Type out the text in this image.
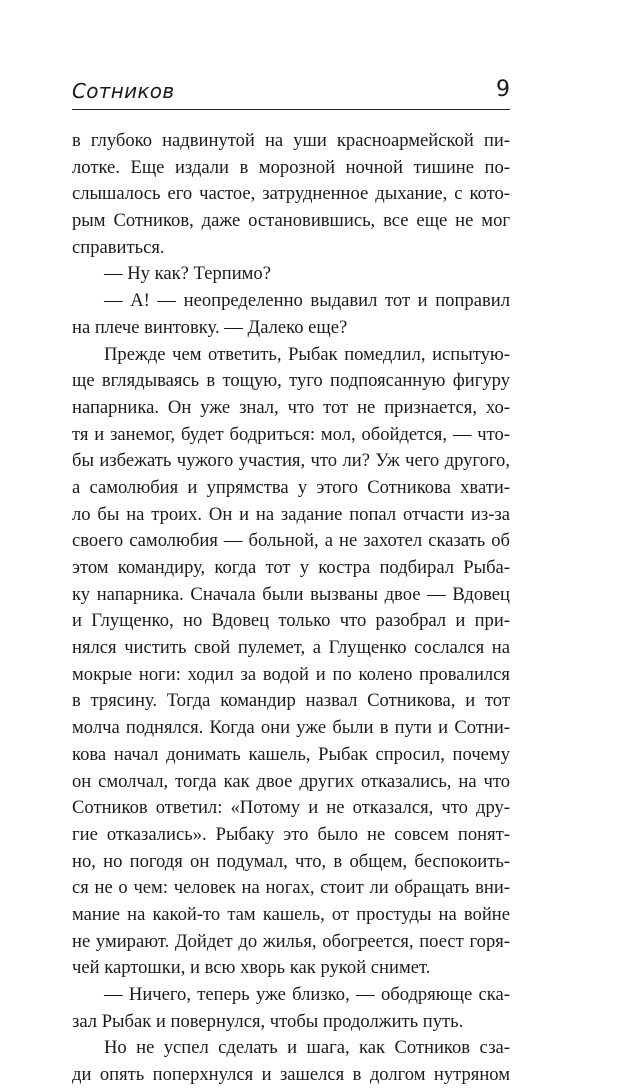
Сотников	9
в глубоко надвинутой на уши красноармейской пи-
лотке. Еще издали в морозной ночной тишине по-
слышалось его частое, затрудненное дыхание, с кото-
рым Сотников, даже остановившись, все еще не мог
справиться.
— Ну как? Терпимо?
— А! — неопределенно выдавил тот и поправил
на плече винтовку. — Далеко еще?
Прежде чем ответить, Рыбак помедлил, испытую-
ще вглядываясь в тощую, туго подпоясанную фигуру
напарника. Он уже знал, что тот не признается, хо-
тя и занемог, будет бодриться: мол, обойдется, — что-
бы избежать чужого участия, что ли? Уж чего другого,
а самолюбия и упрямства у этого Сотникова хвати-
ло бы на троих. Он и на задание попал отчасти из-за
своего самолюбия — больной, а не захотел сказать об
этом командиру, когда тот у костра подбирал Рыба-
ку напарника. Сначала были вызваны двое — Вдовец
и Глущенко, но Вдовец только что разобрал и при-
нялся чистить свой пулемет, а Глущенко сослался на
мокрые ноги: ходил за водой и по колено провалился
в трясину. Тогда командир назвал Сотникова, и тот
молча поднялся. Когда они уже были в пути и Сотни-
кова начал донимать кашель, Рыбак спросил, почему
он смолчал, тогда как двое других отказались, на что
Сотников ответил: «Потому и не отказался, что дру-
гие отказались». Рыбаку это было не совсем понят-
но, но погодя он подумал, что, в общем, беспокоить-
ся не о чем: человек на ногах, стоит ли обращать вни-
мание на какой-то там кашель, от простуды на войне
не умирают. Дойдет до жилья, обогреется, поест горя-
чей картошки, и всю хворь как рукой снимет.
— Ничего, теперь уже близко, — ободряюще ска-
зал Рыбак и повернулся, чтобы продолжить путь.
Но не успел сделать и шага, как Сотников сза-
ди опять поперхнулся и зашелся в долгом нутряном
